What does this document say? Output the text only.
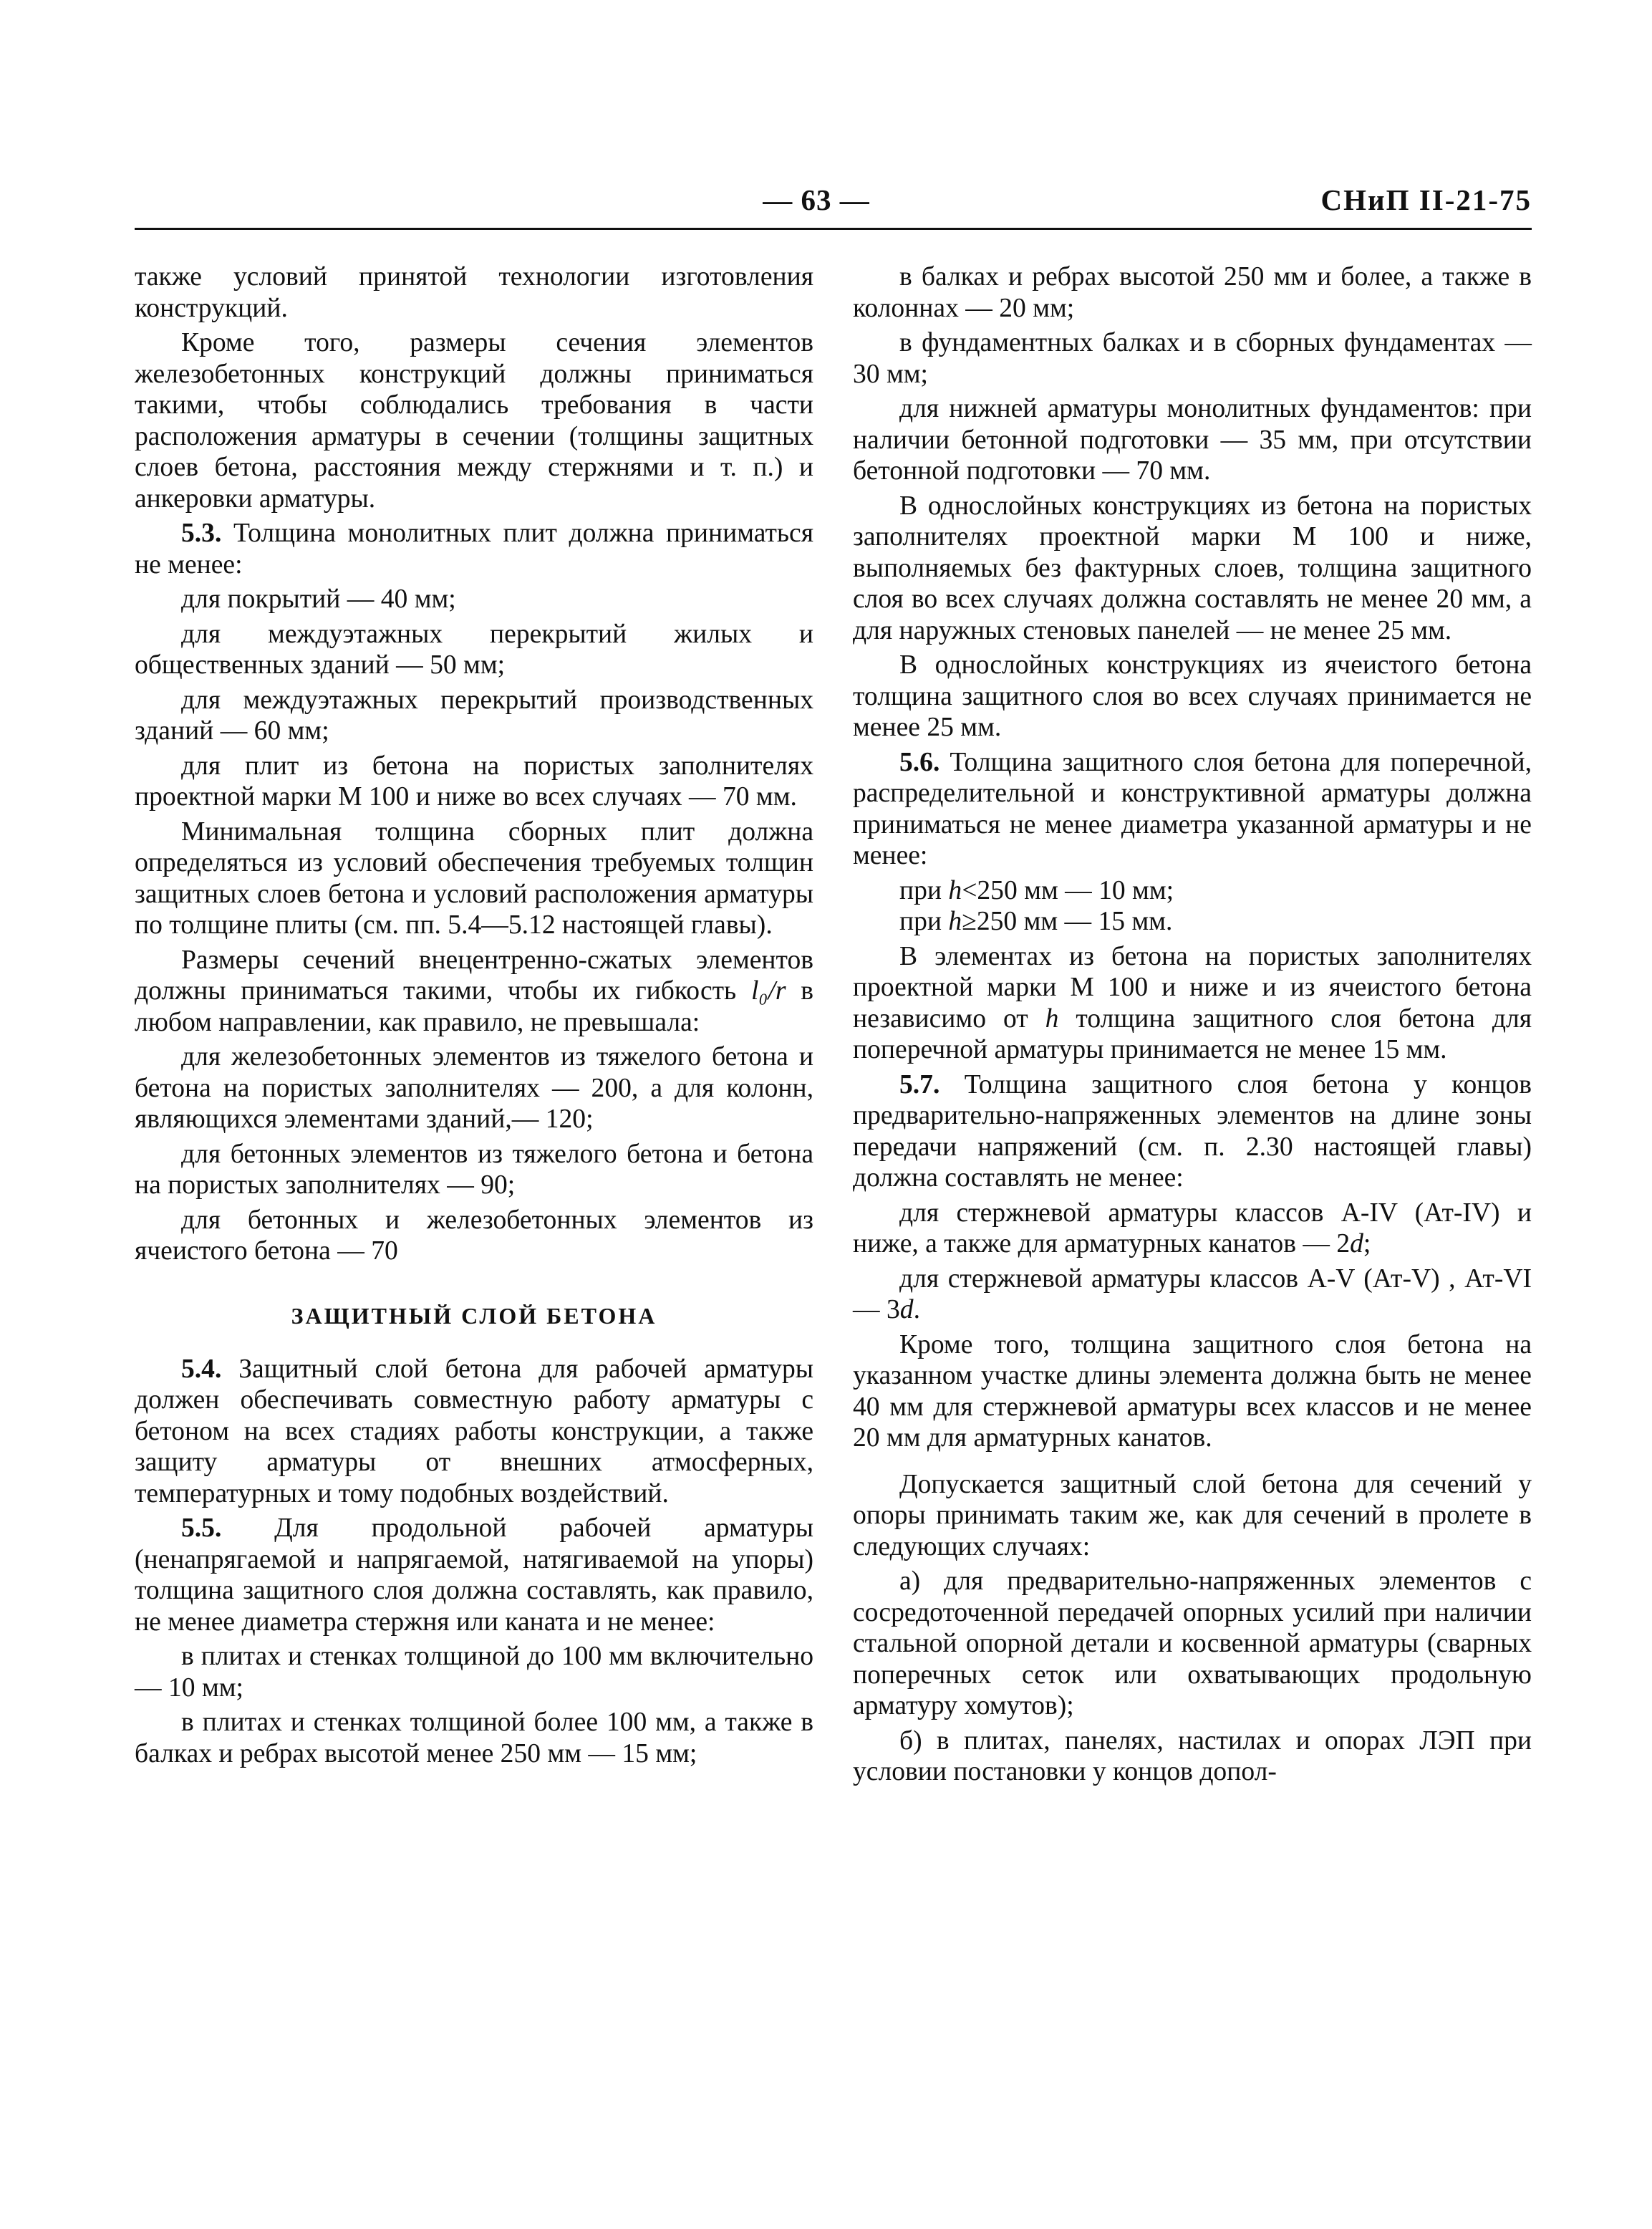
— 63 —	СНиП II-21-75

также условий принятой технологии изготовления конструкций.

Кроме того, размеры сечения элементов железобетонных конструкций должны приниматься такими, чтобы соблюдались требования в части расположения арматуры в сечении (толщины защитных слоев бетона, расстояния между стержнями и т. п.) и анкеровки арматуры.

5.3. Толщина монолитных плит должна приниматься не менее:

для покрытий — 40 мм;

для междуэтажных перекрытий жилых и общественных зданий — 50 мм;

для междуэтажных перекрытий производственных зданий — 60 мм;

для плит из бетона на пористых заполнителях проектной марки М 100 и ниже во всех случаях — 70 мм.

Минимальная толщина сборных плит должна определяться из условий обеспечения требуемых толщин защитных слоев бетона и условий расположения арматуры по толщине плиты (см. пп. 5.4—5.12 настоящей главы).

Размеры сечений внецентренно-сжатых элементов должны приниматься такими, чтобы их гибкость l₀/r в любом направлении, как правило, не превышала:

для железобетонных элементов из тяжелого бетона и бетона на пористых заполнителях — 200, а для колонн, являющихся элементами зданий,— 120;

для бетонных элементов из тяжелого бетона и бетона на пористых заполнителях — 90;

для бетонных и железобетонных элементов из ячеистого бетона — 70

ЗАЩИТНЫЙ СЛОЙ БЕТОНА

5.4. Защитный слой бетона для рабочей арматуры должен обеспечивать совместную работу арматуры с бетоном на всех стадиях работы конструкции, а также защиту арматуры от внешних атмосферных, температурных и тому подобных воздействий.

5.5. Для продольной рабочей арматуры (ненапрягаемой и напрягаемой, натягиваемой на упоры) толщина защитного слоя должна составлять, как правило, не менее диаметра стержня или каната и не менее:

в плитах и стенках толщиной до 100 мм включительно — 10 мм;

в плитах и стенках толщиной более 100 мм, а также в балках и ребрах высотой менее 250 мм — 15 мм;

в балках и ребрах высотой 250 мм и более, а также в колоннах — 20 мм;

в фундаментных балках и в сборных фундаментах — 30 мм;

для нижней арматуры монолитных фундаментов: при наличии бетонной подготовки — 35 мм, при отсутствии бетонной подготовки — 70 мм.

В однослойных конструкциях из бетона на пористых заполнителях проектной марки М 100 и ниже, выполняемых без фактурных слоев, толщина защитного слоя во всех случаях должна составлять не менее 20 мм, а для наружных стеновых панелей — не менее 25 мм.

В однослойных конструкциях из ячеистого бетона толщина защитного слоя во всех случаях принимается не менее 25 мм.

5.6. Толщина защитного слоя бетона для поперечной, распределительной и конструктивной арматуры должна приниматься не менее диаметра указанной арматуры и не менее:

при h<250 мм — 10 мм;

при h≥250 мм — 15 мм.

В элементах из бетона на пористых заполнителях проектной марки М 100 и ниже и из ячеистого бетона независимо от h толщина защитного слоя бетона для поперечной арматуры принимается не менее 15 мм.

5.7. Толщина защитного слоя бетона у концов предварительно-напряженных элементов на длине зоны передачи напряжений (см. п. 2.30 настоящей главы) должна составлять не менее:

для стержневой арматуры классов А-IV (Ат-IV) и ниже, а также для арматурных канатов — 2d;

для стержневой арматуры классов А-V (Ат-V) , Ат-VI — 3d.

Кроме того, толщина защитного слоя бетона на указанном участке длины элемента должна быть не менее 40 мм для стержневой арматуры всех классов и не менее 20 мм для арматурных канатов.

Допускается защитный слой бетона для сечений у опоры принимать таким же, как для сечений в пролете в следующих случаях:

а) для предварительно-напряженных элементов с сосредоточенной передачей опорных усилий при наличии стальной опорной детали и косвенной арматуры (сварных поперечных сеток или охватывающих продольную арматуру хомутов);

б) в плитах, панелях, настилах и опорах ЛЭП при условии постановки у концов допол-
